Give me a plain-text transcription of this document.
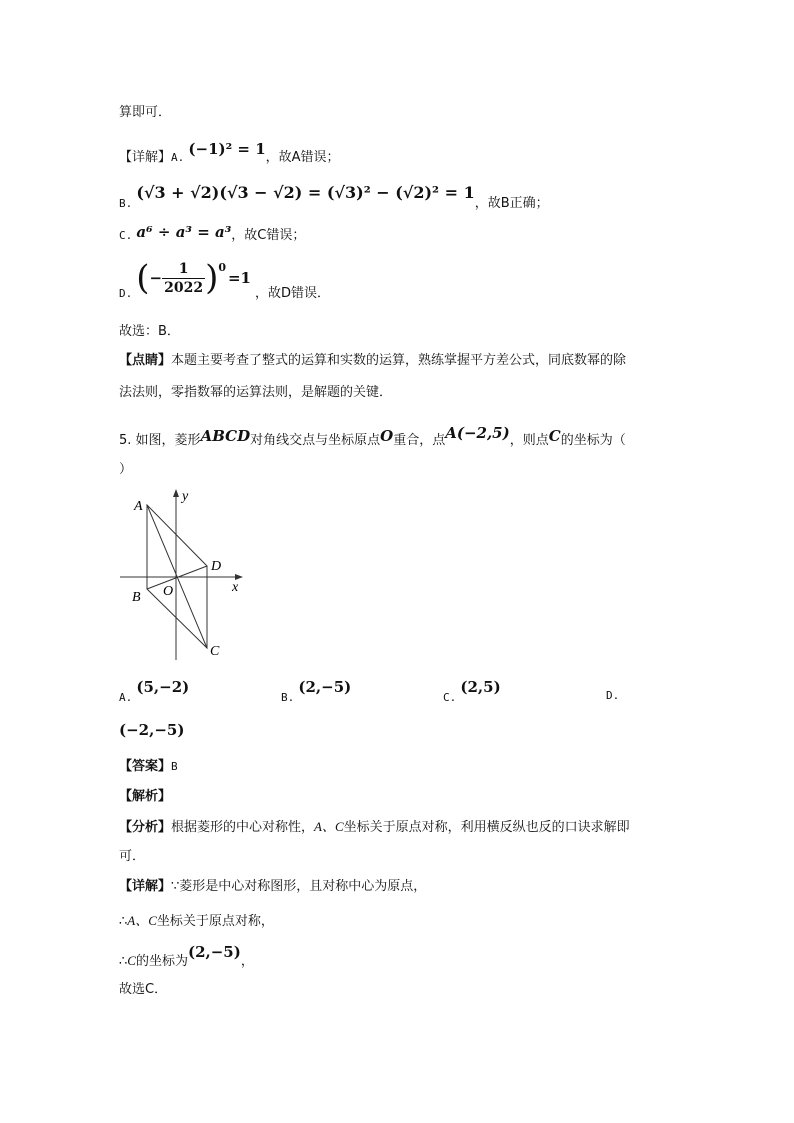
算即可．
【详解】A. (−1)² = 1，故A错误；
B. (√3 + √2)(√3 − √2) = (√3)² − (√2)² = 1，故B正确；
C. a⁶ ÷ a³ = a³，故C错误；
D. ( − $\frac{1}{2022}$ ) 0
=1
，故D错误．
故选：B．
【点睛】本题主要考查了整式的运算和实数的运算，熟练掌握平方差公式，同底数幂的除
法法则，零指数幂的运算法则，是解题的关键．
5. 如图，菱形ABCD对角线交点与坐标原点O重合，点A(−2,5)，则点C的坐标为（
）
A
B
C
D
O	x
y
A. (5,−2)
B. (2,−5)
C. (2,5)	D.
(−2,−5)
【答案】B
【解析】
【分析】根据菱形的中心对称性，A、C坐标关于原点对称，利用横反纵也反的口诀求解即
可．
【详解】∵菱形是中心对称图形，且对称中心为原点，
∴A、C坐标关于原点对称，
∴C的坐标为(2,−5)，
故选C．
